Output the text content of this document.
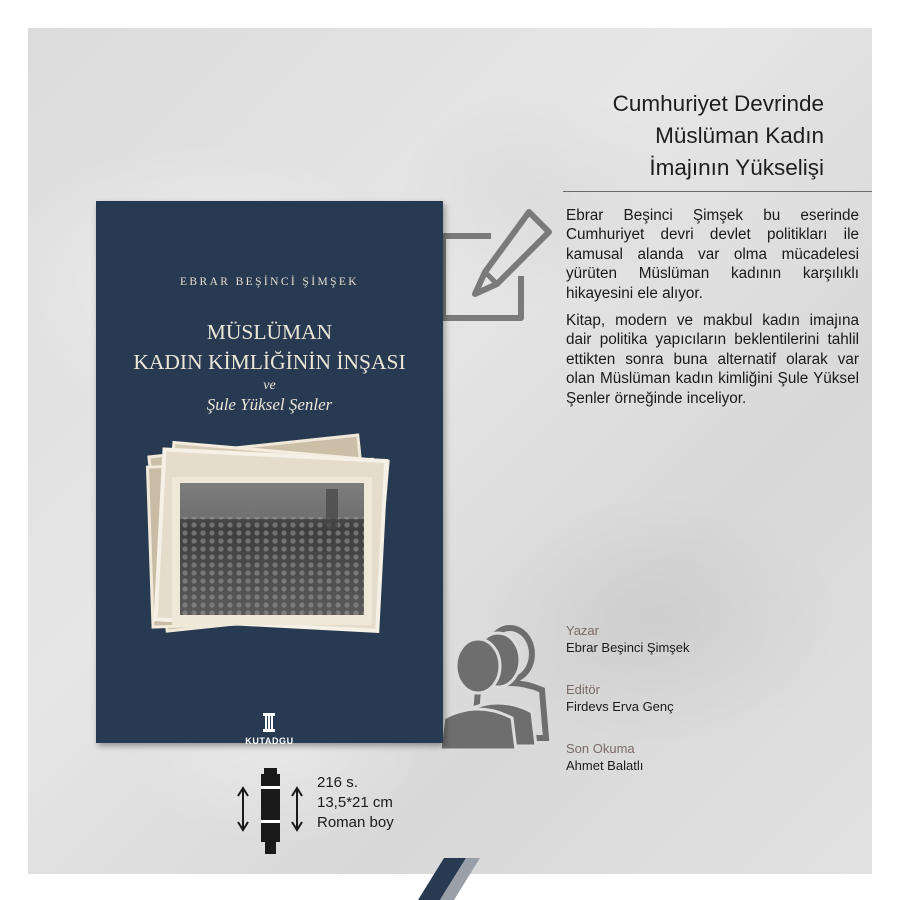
Cumhuriyet Devrinde
Müslüman Kadın
İmajının Yükselişi

Ebrar Beşinci Şimşek bu eserinde Cumhuriyet devri devlet politikları ile kamusal alanda var olma mücadelesi yürüten Müslüman kadının karşılıklı hikayesini ele alıyor.

Kitap, modern ve makbul kadın imajına dair politika yapıcıların beklentilerini tahlil ettikten sonra buna alternatif olarak var olan Müslüman kadın kimliğini Şule Yüksel Şenler örneğinde inceliyor.

Yazar
Ebrar Beşinci Şimşek
Editör
Firdevs Erva Genç
Son Okuma
Ahmet Balatlı
EBRAR BEŞİNCİ ŞİMŞEK
MÜSLÜMAN
KADIN KİMLİĞİNİN İNŞASI
ve
Şule Yüksel Şenler
KUTADGU
216 s.
13,5*21 cm
Roman boy
